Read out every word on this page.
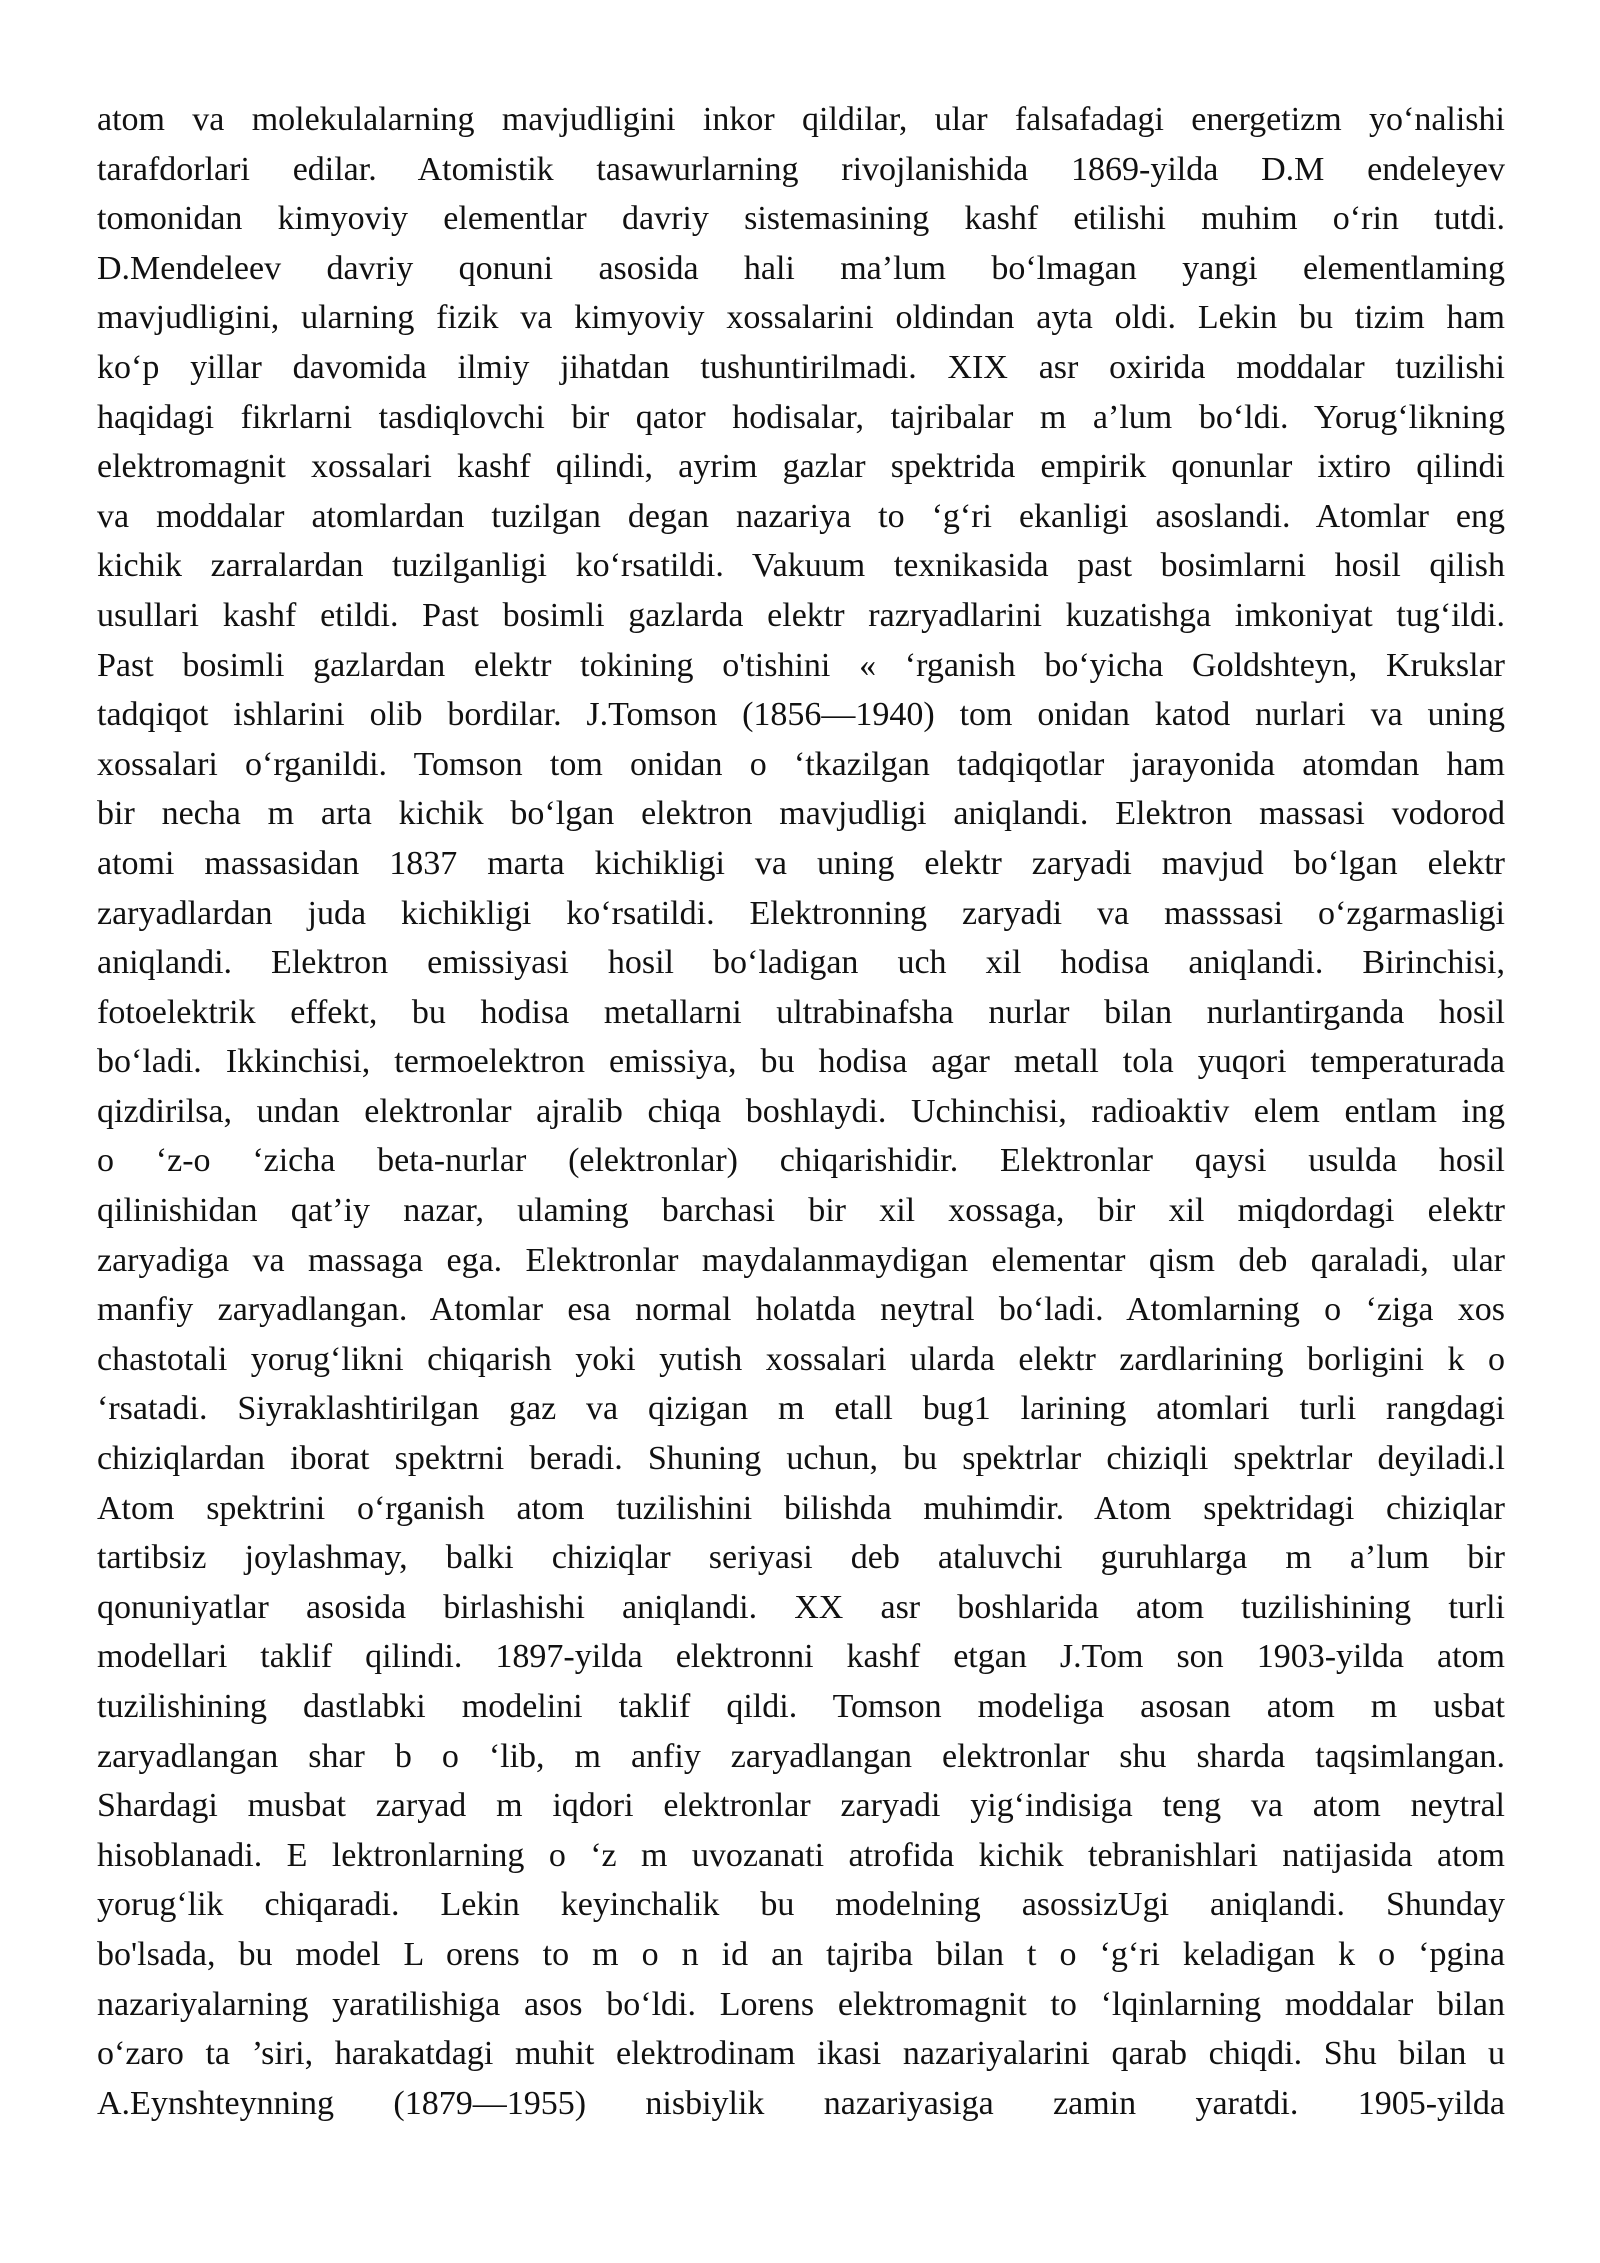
atom va molekulalarning mavjudligini inkor qildilar, ular falsafadagi energetizm yo‘nalishi
tarafdorlari edilar. Atomistik tasawurlarning rivojlanishida 1869-yilda D.M endeleyev
tomonidan kimyoviy elementlar davriy sistemasining kashf etilishi muhim o‘rin tutdi.
D.Mendeleev davriy qonuni asosida hali ma’lum bo‘lmagan yangi elementlaming
mavjudligini, ularning fizik va kimyoviy xossalarini oldindan ayta oldi. Lekin bu tizim ham
ko‘p yillar davomida ilmiy jihatdan tushuntirilmadi. XIX asr oxirida moddalar tuzilishi
haqidagi fikrlarni tasdiqlovchi bir qator hodisalar, tajribalar m a’lum bo‘ldi. Yorug‘likning
elektromagnit xossalari kashf qilindi, ayrim gazlar spektrida empirik qonunlar ixtiro qilindi
va moddalar atomlardan tuzilgan degan nazariya to ‘g‘ri ekanligi asoslandi. Atomlar eng
kichik zarralardan tuzilganligi ko‘rsatildi. Vakuum texnikasida past bosimlarni hosil qilish
usullari kashf etildi. Past bosimli gazlarda elektr razryadlarini kuzatishga imkoniyat tug‘ildi.
Past bosimli gazlardan elektr tokining o'tishini « ‘rganish bo‘yicha Goldshteyn, Krukslar
tadqiqot ishlarini olib bordilar. J.Tomson (1856—1940) tom onidan katod nurlari va uning
xossalari o‘rganildi. Tomson tom onidan o ‘tkazilgan tadqiqotlar jarayonida atomdan ham
bir necha m arta kichik bo‘lgan elektron mavjudligi aniqlandi. Elektron massasi vodorod
atomi massasidan 1837 marta kichikligi va uning elektr zaryadi mavjud bo‘lgan elektr
zaryadlardan juda kichikligi ko‘rsatildi. Elektronning zaryadi va masssasi o‘zgarmasligi
aniqlandi. Elektron emissiyasi hosil bo‘ladigan uch xil hodisa aniqlandi. Birinchisi,
fotoelektrik effekt, bu hodisa metallarni ultrabinafsha nurlar bilan nurlantirganda hosil
bo‘ladi. Ikkinchisi, termoelektron emissiya, bu hodisa agar metall tola yuqori temperaturada
qizdirilsa, undan elektronlar ajralib chiqa boshlaydi. Uchinchisi, radioaktiv elem entlam ing
o ‘z-o ‘zicha beta-nurlar (elektronlar) chiqarishidir. Elektronlar qaysi usulda hosil
qilinishidan qat’iy nazar, ulaming barchasi bir xil xossaga, bir xil miqdordagi elektr
zaryadiga va massaga ega. Elektronlar maydalanmaydigan elementar qism deb qaraladi, ular
manfiy zaryadlangan. Atomlar esa normal holatda neytral bo‘ladi. Atomlarning o ‘ziga xos
chastotali yorug‘likni chiqarish yoki yutish xossalari ularda elektr zardlarining borligini k o
‘rsatadi. Siyraklashtirilgan gaz va qizigan m etall bug1 larining atomlari turli rangdagi
chiziqlardan iborat spektrni beradi. Shuning uchun, bu spektrlar chiziqli spektrlar deyiladi.l
Atom spektrini o‘rganish atom tuzilishini bilishda muhimdir. Atom spektridagi chiziqlar
tartibsiz joylashmay, balki chiziqlar seriyasi deb ataluvchi guruhlarga m a’lum bir
qonuniyatlar asosida birlashishi aniqlandi. XX asr boshlarida atom tuzilishining turli
modellari taklif qilindi. 1897-yilda elektronni kashf etgan J.Tom son 1903-yilda atom
tuzilishining dastlabki modelini taklif qildi. Tomson modeliga asosan atom m usbat
zaryadlangan shar b o ‘lib, m anfiy zaryadlangan elektronlar shu sharda taqsimlangan.
Shardagi musbat zaryad m iqdori elektronlar zaryadi yig‘indisiga teng va atom neytral
hisoblanadi. E lektronlarning o ‘z m uvozanati atrofida kichik tebranishlari natijasida atom
yorug‘lik chiqaradi. Lekin keyinchalik bu modelning asossizUgi aniqlandi. Shunday
bo'lsada, bu model L orens to m o n id an tajriba bilan t o ‘g‘ri keladigan k o ‘pgina
nazariyalarning yaratilishiga asos bo‘ldi. Lorens elektromagnit to ‘lqinlarning moddalar bilan
o‘zaro ta ’siri, harakatdagi muhit elektrodinam ikasi nazariyalarini qarab chiqdi. Shu bilan u
A.Eynshteynning (1879—1955) nisbiylik nazariyasiga zamin yaratdi. 1905-yilda
